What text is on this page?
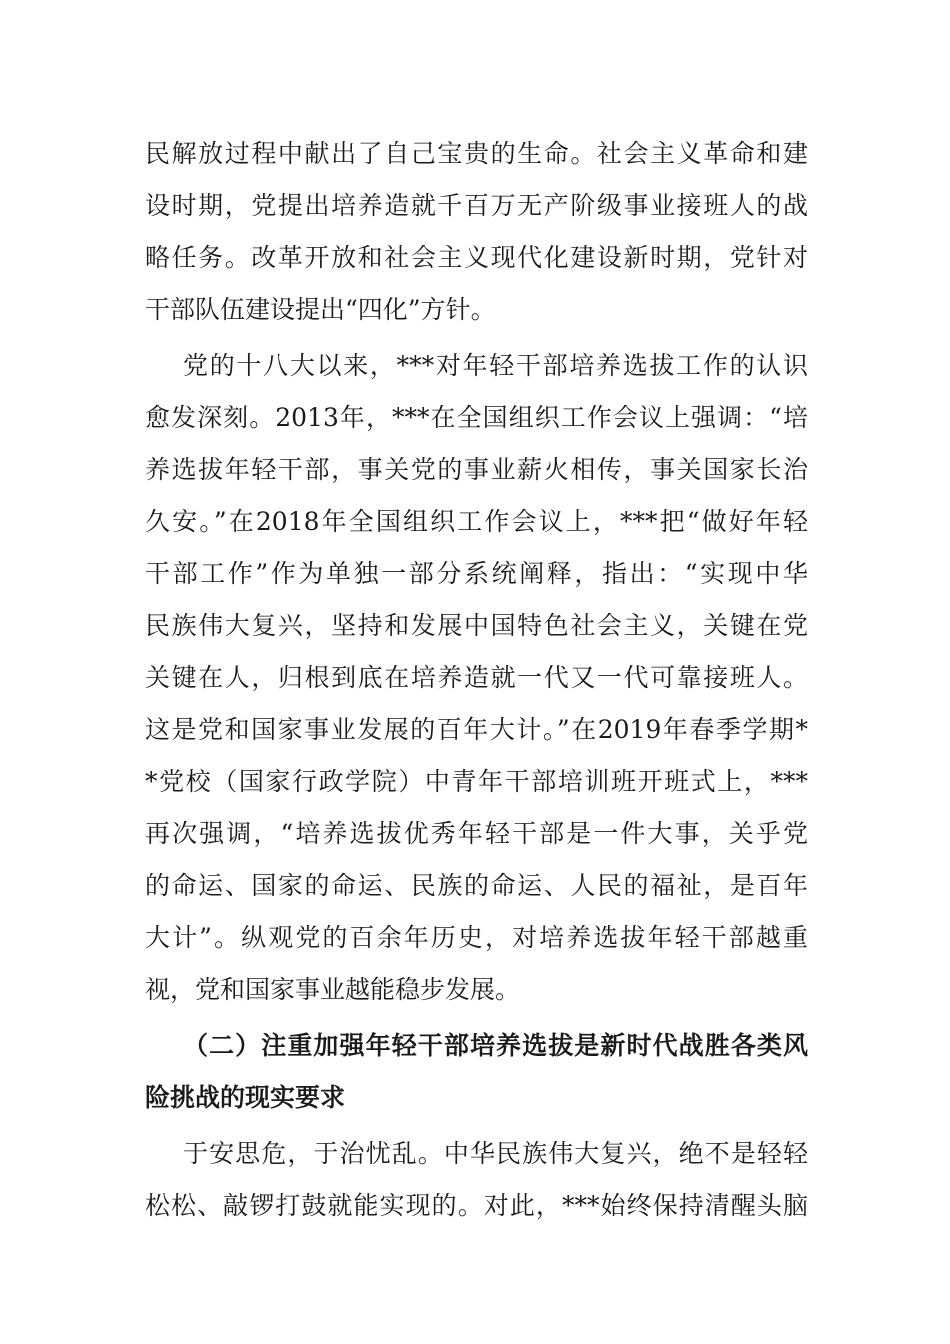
民解放过程中献出了自己宝贵的生命。社会主义革命和建
设时期，党提出培养造就千百万无产阶级事业接班人的战
略任务。改革开放和社会主义现代化建设新时期，党针对
干部队伍建设提出“四化”方针。
党的十八大以来，***对年轻干部培养选拔工作的认识
愈发深刻。2013年，***在全国组织工作会议上强调：“培
养选拔年轻干部，事关党的事业薪火相传，事关国家长治
久安。”在2018年全国组织工作会议上，***把“做好年轻
干部工作”作为单独一部分系统阐释，指出：“实现中华
民族伟大复兴，坚持和发展中国特色社会主义，关键在党
关键在人，归根到底在培养造就一代又一代可靠接班人。
这是党和国家事业发展的百年大计。”在2019年春季学期*
*党校（国家行政学院）中青年干部培训班开班式上，***
再次强调，“培养选拔优秀年轻干部是一件大事，关乎党
的命运、国家的命运、民族的命运、人民的福祉，是百年
大计”。纵观党的百余年历史，对培养选拔年轻干部越重
视，党和国家事业越能稳步发展。
（二）注重加强年轻干部培养选拔是新时代战胜各类风
险挑战的现实要求
于安思危，于治忧乱。中华民族伟大复兴，绝不是轻轻
松松、敲锣打鼓就能实现的。对此，***始终保持清醒头脑
